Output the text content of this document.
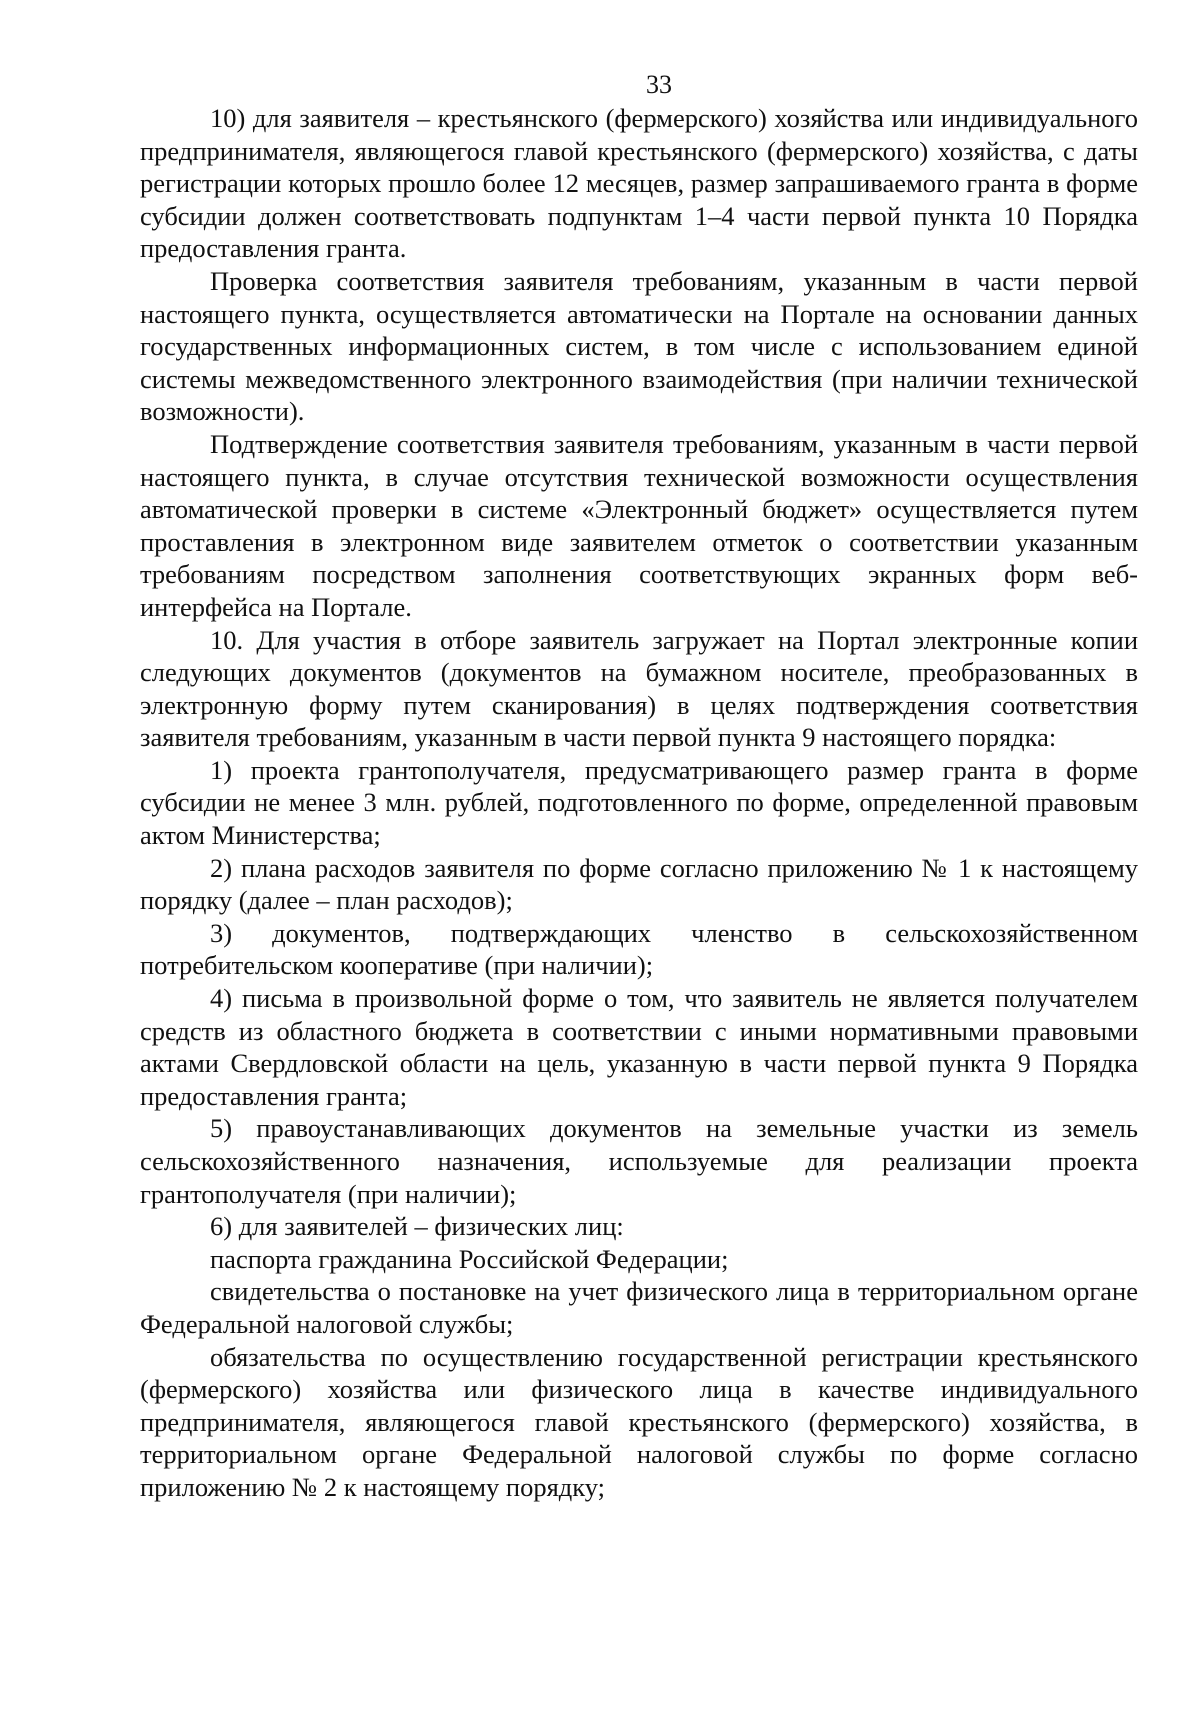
33

10) для заявителя – крестьянского (фермерского) хозяйства или индивидуального предпринимателя, являющегося главой крестьянского (фермерского) хозяйства, с даты регистрации которых прошло более 12 месяцев, размер запрашиваемого гранта в форме субсидии должен соответствовать подпунктам 1–4 части первой пункта 10 Порядка предоставления гранта.

Проверка соответствия заявителя требованиям, указанным в части первой настоящего пункта, осуществляется автоматически на Портале на основании данных государственных информационных систем, в том числе с использованием единой системы межведомственного электронного взаимодействия (при наличии технической возможности).

Подтверждение соответствия заявителя требованиям, указанным в части первой настоящего пункта, в случае отсутствия технической возможности осуществления автоматической проверки в системе «Электронный бюджет» осуществляется путем проставления в электронном виде заявителем отметок о соответствии указанным требованиям посредством заполнения соответствующих экранных форм веб-интерфейса на Портале.

10. Для участия в отборе заявитель загружает на Портал электронные копии следующих документов (документов на бумажном носителе, преобразованных в электронную форму путем сканирования) в целях подтверждения соответствия заявителя требованиям, указанным в части первой пункта 9 настоящего порядка:

1) проекта грантополучателя, предусматривающего размер гранта в форме субсидии не менее 3 млн. рублей, подготовленного по форме, определенной правовым актом Министерства;

2) плана расходов заявителя по форме согласно приложению № 1 к настоящему порядку (далее – план расходов);

3) документов, подтверждающих членство в сельскохозяйственном потребительском кооперативе (при наличии);

4) письма в произвольной форме о том, что заявитель не является получателем средств из областного бюджета в соответствии с иными нормативными правовыми актами Свердловской области на цель, указанную в части первой пункта 9 Порядка предоставления гранта;

5) правоустанавливающих документов на земельные участки из земель сельскохозяйственного назначения, используемые для реализации проекта грантополучателя (при наличии);

6) для заявителей – физических лиц:

паспорта гражданина Российской Федерации;

свидетельства о постановке на учет физического лица в территориальном органе Федеральной налоговой службы;

обязательства по осуществлению государственной регистрации крестьянского (фермерского) хозяйства или физического лица в качестве индивидуального предпринимателя, являющегося главой крестьянского (фермерского) хозяйства, в территориальном органе Федеральной налоговой службы по форме согласно приложению № 2 к настоящему порядку;
